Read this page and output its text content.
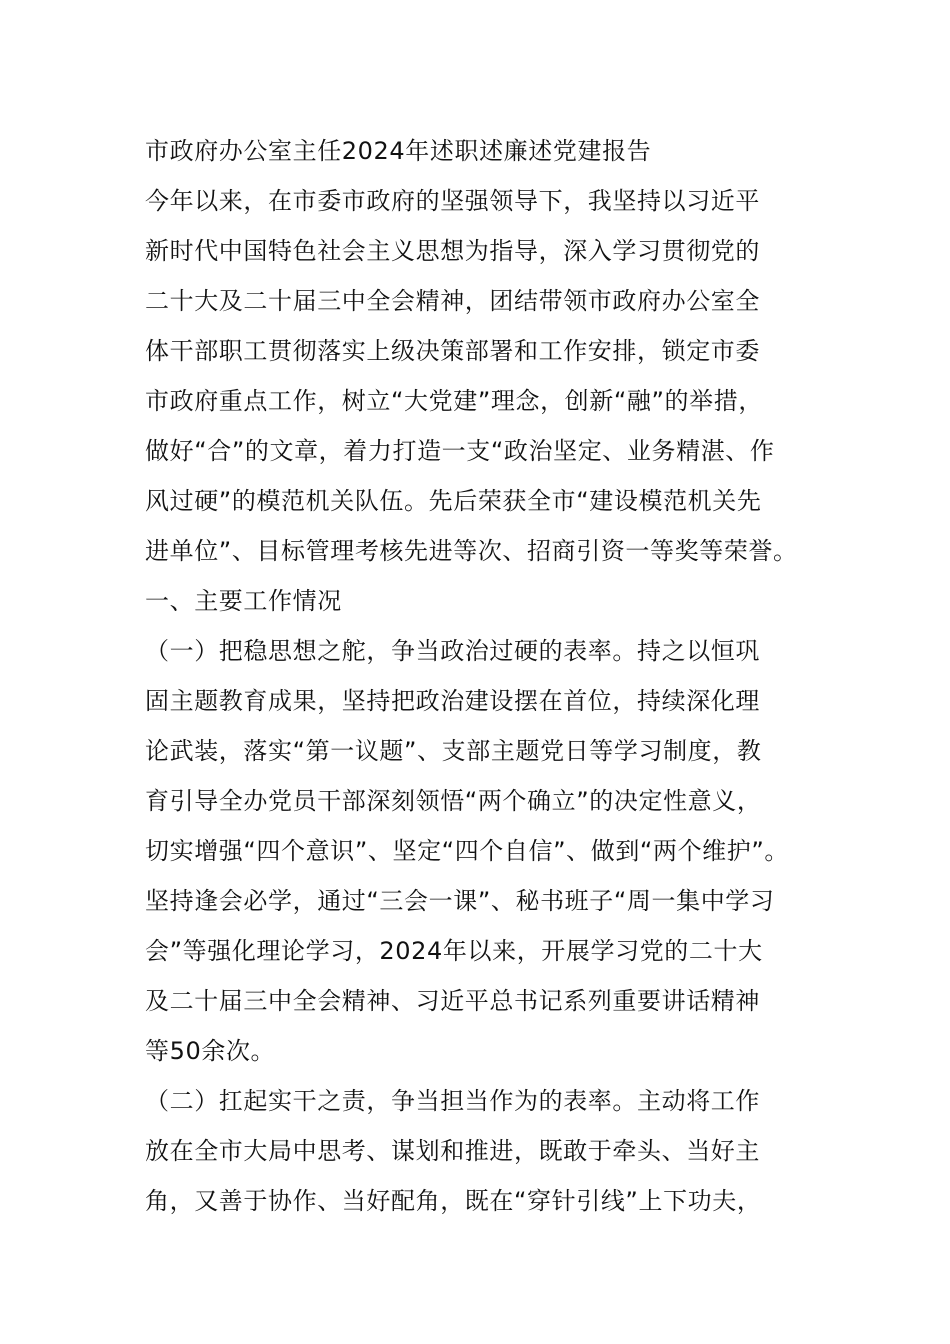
市政府办公室主任2024年述职述廉述党建报告
今年以来，在市委市政府的坚强领导下，我坚持以习近平
新时代中国特色社会主义思想为指导，深入学习贯彻党的
二十大及二十届三中全会精神，团结带领市政府办公室全
体干部职工贯彻落实上级决策部署和工作安排，锁定市委
市政府重点工作，树立“大党建”理念，创新“融”的举措，
做好“合”的文章，着力打造一支“政治坚定、业务精湛、作
风过硬”的模范机关队伍。先后荣获全市“建设模范机关先
进单位”、目标管理考核先进等次、招商引资一等奖等荣誉。
一、主要工作情况
（一）把稳思想之舵，争当政治过硬的表率。持之以恒巩
固主题教育成果，坚持把政治建设摆在首位，持续深化理
论武装，落实“第一议题”、支部主题党日等学习制度，教
育引导全办党员干部深刻领悟“两个确立”的决定性意义，
切实增强“四个意识”、坚定“四个自信”、做到“两个维护”。
坚持逢会必学，通过“三会一课”、秘书班子“周一集中学习
会”等强化理论学习，2024年以来，开展学习党的二十大
及二十届三中全会精神、习近平总书记系列重要讲话精神
等50余次。
（二）扛起实干之责，争当担当作为的表率。主动将工作
放在全市大局中思考、谋划和推进，既敢于牵头、当好主
角，又善于协作、当好配角，既在“穿针引线”上下功夫，
